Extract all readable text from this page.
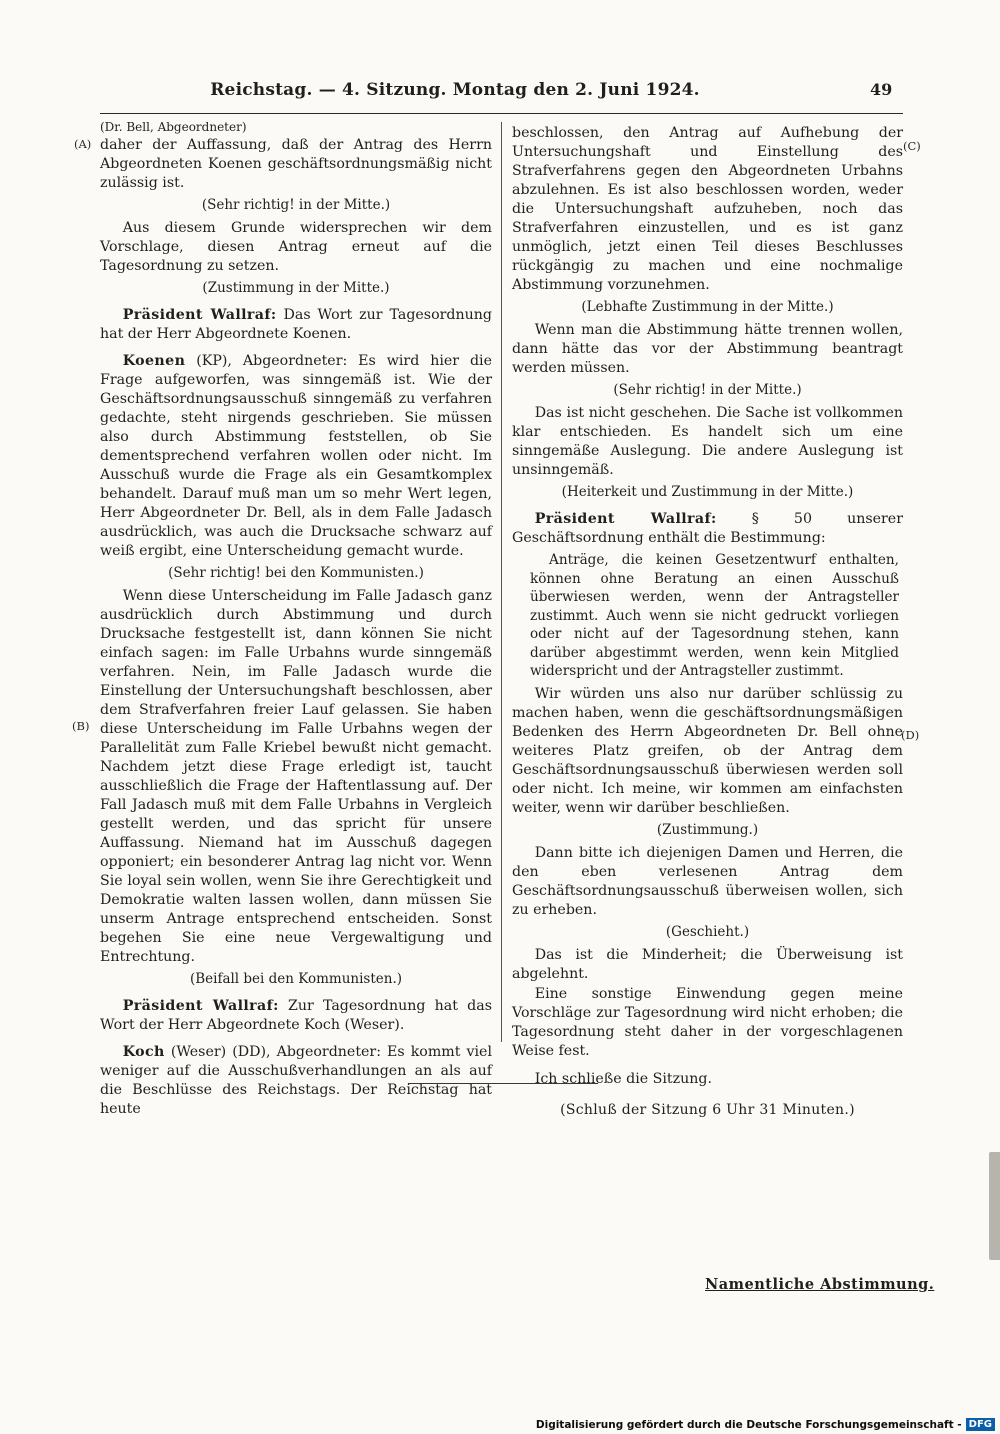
Reichstag. — 4. Sitzung. Montag den 2. Juni 1924.	49
(A)
(B)
(C)
(D)

(Dr. Bell, Abgeordneter)

daher der Auffassung, daß der Antrag des Herrn Abgeordneten Koenen geschäftsordnungsmäßig nicht zulässig ist.

(Sehr richtig! in der Mitte.)

Aus diesem Grunde widersprechen wir dem Vorschlage, diesen Antrag erneut auf die Tagesordnung zu setzen.

(Zustimmung in der Mitte.)

Präsident Wallraf: Das Wort zur Tagesordnung hat der Herr Abgeordnete Koenen.

Koenen (KP), Abgeordneter: Es wird hier die Frage aufgeworfen, was sinngemäß ist. Wie der Geschäftsordnungsausschuß sinngemäß zu verfahren gedachte, steht nirgends geschrieben. Sie müssen also durch Abstimmung feststellen, ob Sie dementsprechend verfahren wollen oder nicht. Im Ausschuß wurde die Frage als ein Gesamtkomplex behandelt. Darauf muß man um so mehr Wert legen, Herr Abgeordneter Dr. Bell, als in dem Falle Jadasch ausdrücklich, was auch die Drucksache schwarz auf weiß ergibt, eine Unterscheidung gemacht wurde.

(Sehr richtig! bei den Kommunisten.)

Wenn diese Unterscheidung im Falle Jadasch ganz ausdrücklich durch Abstimmung und durch Drucksache festgestellt ist, dann können Sie nicht einfach sagen: im Falle Urbahns wurde sinngemäß verfahren. Nein, im Falle Jadasch wurde die Einstellung der Untersuchungshaft beschlossen, aber dem Strafverfahren freier Lauf gelassen. Sie haben diese Unterscheidung im Falle Urbahns wegen der Parallelität zum Falle Kriebel bewußt nicht gemacht. Nachdem jetzt diese Frage erledigt ist, taucht ausschließlich die Frage der Haftentlassung auf. Der Fall Jadasch muß mit dem Falle Urbahns in Vergleich gestellt werden, und das spricht für unsere Auffassung. Niemand hat im Ausschuß dagegen opponiert; ein besonderer Antrag lag nicht vor. Wenn Sie loyal sein wollen, wenn Sie ihre Gerechtigkeit und Demokratie walten lassen wollen, dann müssen Sie unserm Antrage entsprechend entscheiden. Sonst begehen Sie eine neue Vergewaltigung und Entrechtung.

(Beifall bei den Kommunisten.)

Präsident Wallraf: Zur Tagesordnung hat das Wort der Herr Abgeordnete Koch (Weser).

Koch (Weser) (DD), Abgeordneter: Es kommt viel weniger auf die Ausschußverhandlungen an als auf die Beschlüsse des Reichstags. Der Reichstag hat heute

beschlossen, den Antrag auf Aufhebung der Untersuchungshaft und Einstellung des Strafverfahrens gegen den Abgeordneten Urbahns abzulehnen. Es ist also beschlossen worden, weder die Untersuchungshaft aufzuheben, noch das Strafverfahren einzustellen, und es ist ganz unmöglich, jetzt einen Teil dieses Beschlusses rückgängig zu machen und eine nochmalige Abstimmung vorzunehmen.

(Lebhafte Zustimmung in der Mitte.)

Wenn man die Abstimmung hätte trennen wollen, dann hätte das vor der Abstimmung beantragt werden müssen.

(Sehr richtig! in der Mitte.)

Das ist nicht geschehen. Die Sache ist vollkommen klar entschieden. Es handelt sich um eine sinngemäße Auslegung. Die andere Auslegung ist unsinngemäß.

(Heiterkeit und Zustimmung in der Mitte.)

Präsident Wallraf: § 50 unserer Geschäftsordnung enthält die Bestimmung:

Anträge, die keinen Gesetzentwurf enthalten, können ohne Beratung an einen Ausschuß überwiesen werden, wenn der Antragsteller zustimmt. Auch wenn sie nicht gedruckt vorliegen oder nicht auf der Tagesordnung stehen, kann darüber abgestimmt werden, wenn kein Mitglied widerspricht und der Antragsteller zustimmt.

Wir würden uns also nur darüber schlüssig zu machen haben, wenn die geschäftsordnungsmäßigen Bedenken des Herrn Abgeordneten Dr. Bell ohne weiteres Platz greifen, ob der Antrag dem Geschäftsordnungsausschuß überwiesen werden soll oder nicht. Ich meine, wir kommen am einfachsten weiter, wenn wir darüber beschließen.

(Zustimmung.)

Dann bitte ich diejenigen Damen und Herren, die den eben verlesenen Antrag dem Geschäftsordnungsausschuß überweisen wollen, sich zu erheben.

(Geschieht.)

Das ist die Minderheit; die Überweisung ist abgelehnt.

Eine sonstige Einwendung gegen meine Vorschläge zur Tagesordnung wird nicht erhoben; die Tagesordnung steht daher in der vorgeschlagenen Weise fest.

Ich schließe die Sitzung.

(Schluß der Sitzung 6 Uhr 31 Minuten.)

Namentliche Abstimmung.
Digitalisierung gefördert durch die Deutsche Forschungsgemeinschaft - DFG
